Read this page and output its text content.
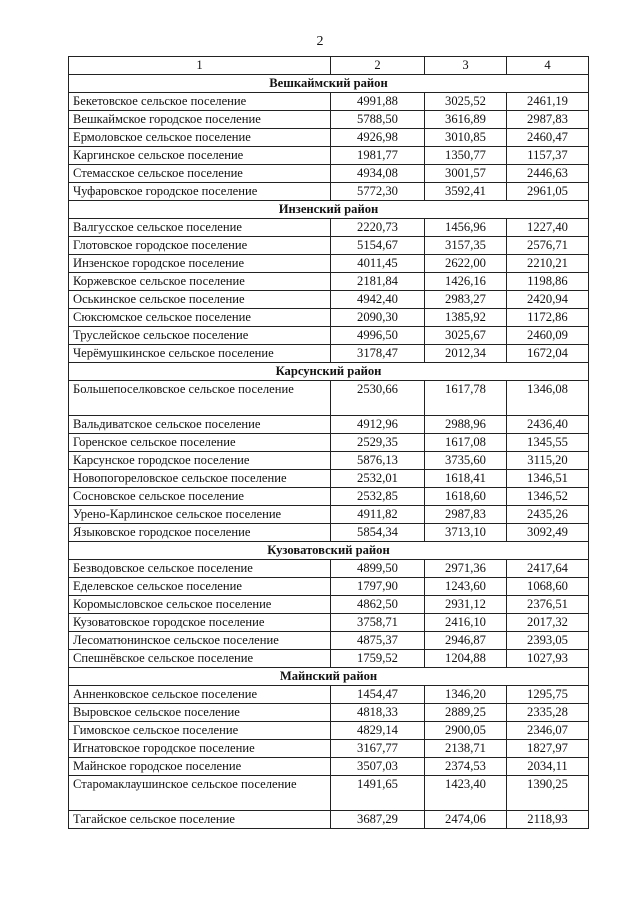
2
1	2	3	4
Вешкаймский район			
Бекетовское сельское поселение	4991,88	3025,52	2461,19
Вешкаймское городское поселение	5788,50	3616,89	2987,83
Ермоловское сельское поселение	4926,98	3010,85	2460,47
Каргинское сельское поселение	1981,77	1350,77	1157,37
Стемасское сельское поселение	4934,08	3001,57	2446,63
Чуфаровское городское поселение	5772,30	3592,41	2961,05
Инзенский район			
Валгусское сельское поселение	2220,73	1456,96	1227,40
Глотовское городское поселение	5154,67	3157,35	2576,71
Инзенское городское поселение	4011,45	2622,00	2210,21
Коржевское сельское поселение	2181,84	1426,16	1198,86
Оськинское сельское поселение	4942,40	2983,27	2420,94
Сюксюмское сельское поселение	2090,30	1385,92	1172,86
Труслейское сельское поселение	4996,50	3025,67	2460,09
Черёмушкинское сельское поселение	3178,47	2012,34	1672,04
Карсунский район			
Большепоселковское сельское поселение	2530,66	1617,78	1346,08
Вальдиватское сельское поселение	4912,96	2988,96	2436,40
Горенское сельское поселение	2529,35	1617,08	1345,55
Карсунское городское поселение	5876,13	3735,60	3115,20
Новопогореловское сельское поселение	2532,01	1618,41	1346,51
Сосновское сельское поселение	2532,85	1618,60	1346,52
Урено-Карлинское сельское поселение	4911,82	2987,83	2435,26
Языковское городское поселение	5854,34	3713,10	3092,49
Кузоватовский район			
Безводовское сельское поселение	4899,50	2971,36	2417,64
Еделевское сельское поселение	1797,90	1243,60	1068,60
Коромысловское сельское поселение	4862,50	2931,12	2376,51
Кузоватовское городское поселение	3758,71	2416,10	2017,32
Лесоматюнинское сельское поселение	4875,37	2946,87	2393,05
Спешнёвское сельское поселение	1759,52	1204,88	1027,93
Майнский район			
Анненковское сельское поселение	1454,47	1346,20	1295,75
Выровское сельское поселение	4818,33	2889,25	2335,28
Гимовское сельское поселение	4829,14	2900,05	2346,07
Игнатовское городское поселение	3167,77	2138,71	1827,97
Майнское городское поселение	3507,03	2374,53	2034,11
Старомаклаушинское сельское поселение	1491,65	1423,40	1390,25
Тагайское сельское поселение	3687,29	2474,06	2118,93
